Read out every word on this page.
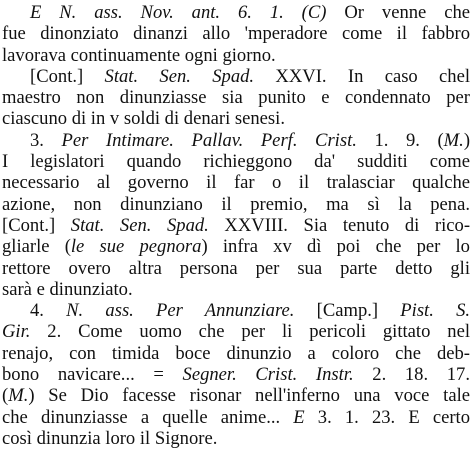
E N. ass. Nov. ant. 6. 1. (C) Or venne che
fue dinonziato dinanzi allo 'mperadore come il fabbro
lavorava continuamente ogni giorno.
[Cont.] Stat. Sen. Spad. XXVI. In caso chel
maestro non dinunziasse sia punito e condennato per
ciascuno di in v soldi di denari senesi.
3. Per Intimare. Pallav. Perf. Crist. 1. 9. (M.)
I legislatori quando richieggono da' sudditi come
necessario al governo il far o il tralasciar qualche
azione, non dinunziano il premio, ma sì la pena.
[Cont.] Stat. Sen. Spad. XXVIII. Sia tenuto di rico-
gliarle (le sue pegnora) infra xv dì poi che per lo
rettore overo altra persona per sua parte detto gli
sarà e dinunziato.
4. N. ass. Per Annunziare. [Camp.] Pist. S.
Gir. 2. Come uomo che per li pericoli gittato nel
renajo, con timida boce dinunzio a coloro che deb-
bono navicare... = Segner. Crist. Instr. 2. 18. 17.
(M.) Se Dio facesse risonar nell'inferno una voce tale
che dinunziasse a quelle anime... E 3. 1. 23. E certo
così dinunzia loro il Signore.
